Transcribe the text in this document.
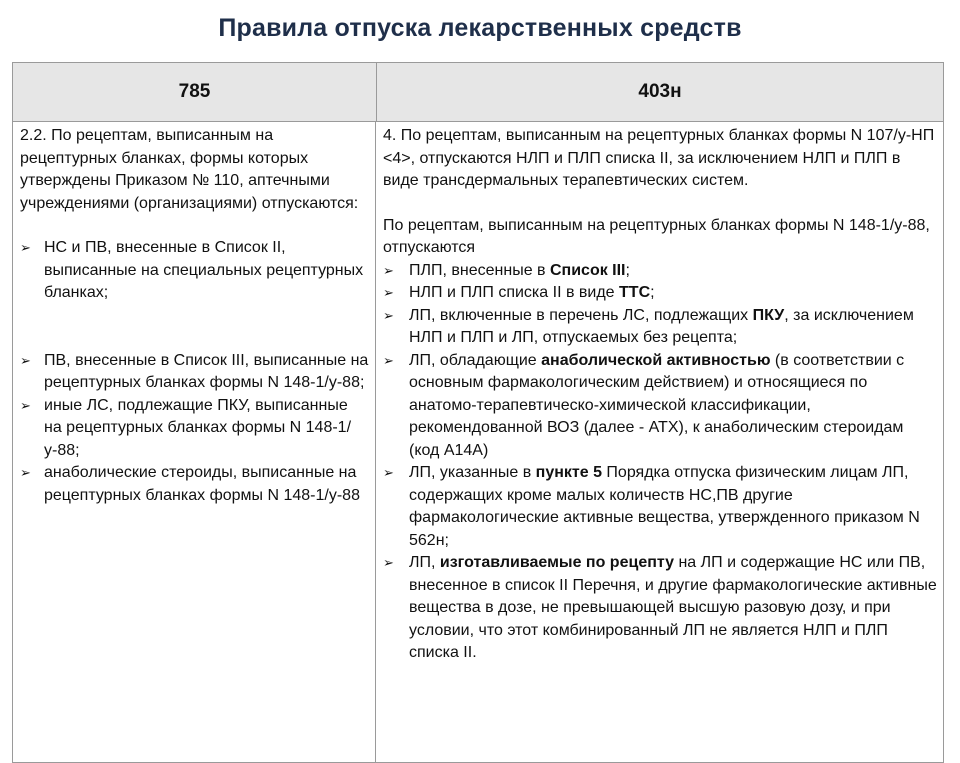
Правила отпуска лекарственных средств
785	403н

2.2. По рецептам, выписанным на рецептурных бланках, формы которых утверждены Приказом № 110, аптечными учреждениями (организациями) отпускаются:

➢ НС и ПВ, внесенные в Список II, выписанные на специальных рецептурных бланках;
➢ ПВ, внесенные в Список III, выписанные на рецептурных бланках формы N 148-1/у-88;
➢ иные ЛС, подлежащие ПКУ, выписанные на рецептурных бланках формы N 148-1/у-88;
➢ анаболические стероиды, выписанные на рецептурных бланках формы N 148-1/у-88

4. По рецептам, выписанным на рецептурных бланках формы N 107/у-НП <4>, отпускаются НЛП и ПЛП списка II, за исключением НЛП и ПЛП в виде трансдермальных терапевтических систем.

По рецептам, выписанным на рецептурных бланках формы N 148-1/у-88, отпускаются

➢ ПЛП, внесенные в Список III;
➢ НЛП и ПЛП списка II в виде ТТС;
➢ ЛП, включенные в перечень ЛС, подлежащих ПКУ, за исключением НЛП и ПЛП и ЛП, отпускаемых без рецепта;
➢ ЛП, обладающие анаболической активностью (в соответствии с основным фармакологическим действием) и относящиеся по анатомо-терапевтическо-химической классификации, рекомендованной ВОЗ (далее - АТХ), к анаболическим стероидам (код А14А)
➢ ЛП, указанные в пункте 5 Порядка отпуска физическим лицам ЛП, содержащих кроме малых количеств НС,ПВ другие фармакологические активные вещества, утвержденного приказом N 562н;
➢ ЛП, изготавливаемые по рецепту на ЛП и содержащие НС или ПВ, внесенное в список II Перечня, и другие фармакологические активные вещества в дозе, не превышающей высшую разовую дозу, и при условии, что этот комбинированный ЛП не является НЛП и ПЛП списка II.
